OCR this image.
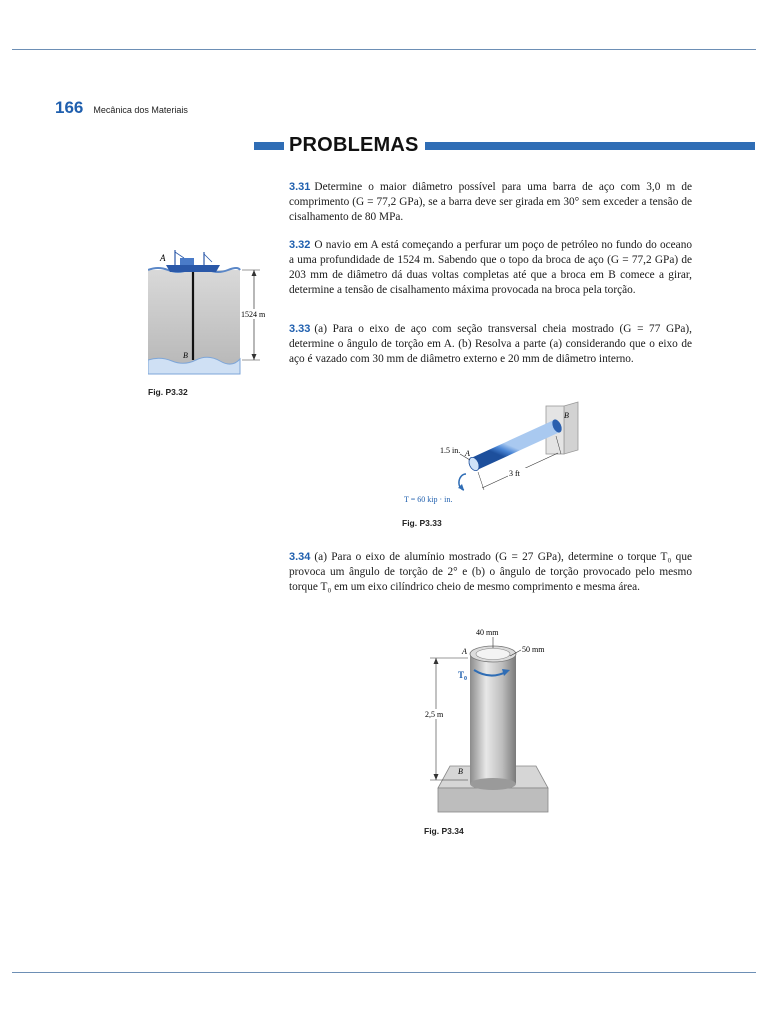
166 Mecânica dos Materiais
PROBLEMAS
3.31 Determine o maior diâmetro possível para uma barra de aço com 3,0 m de comprimento (G = 77,2 GPa), se a barra deve ser girada em 30° sem exceder a tensão de cisalhamento de 80 MPa.
3.32 O navio em A está começando a perfurar um poço de petróleo no fundo do oceano a uma profundidade de 1524 m. Sabendo que o topo da broca de aço (G = 77,2 GPa) de 203 mm de diâmetro dá duas voltas completas até que a broca em B comece a girar, determine a tensão de cisalhamento máxima provocada na broca pela torção.
3.33 (a) Para o eixo de aço com seção transversal cheia mostrado (G = 77 GPa), determine o ângulo de torção em A. (b) Resolva a parte (a) considerando que o eixo de aço é vazado com 30 mm de diâmetro externo e 20 mm de diâmetro interno.
3.34 (a) Para o eixo de alumínio mostrado (G = 27 GPa), determine o torque T₀ que provoca um ângulo de torção de 2° e (b) o ângulo de torção provocado pelo mesmo torque T₀ em um eixo cilíndrico cheio de mesmo comprimento e mesma área.
A
B
1524 m
Fig. P3.32
B
A
1.5 in.
3 ft
T = 60 kip · in.
Fig. P3.33
40 mm
50 mm
A
B
$T_0$
2,5 m
Fig. P3.34
